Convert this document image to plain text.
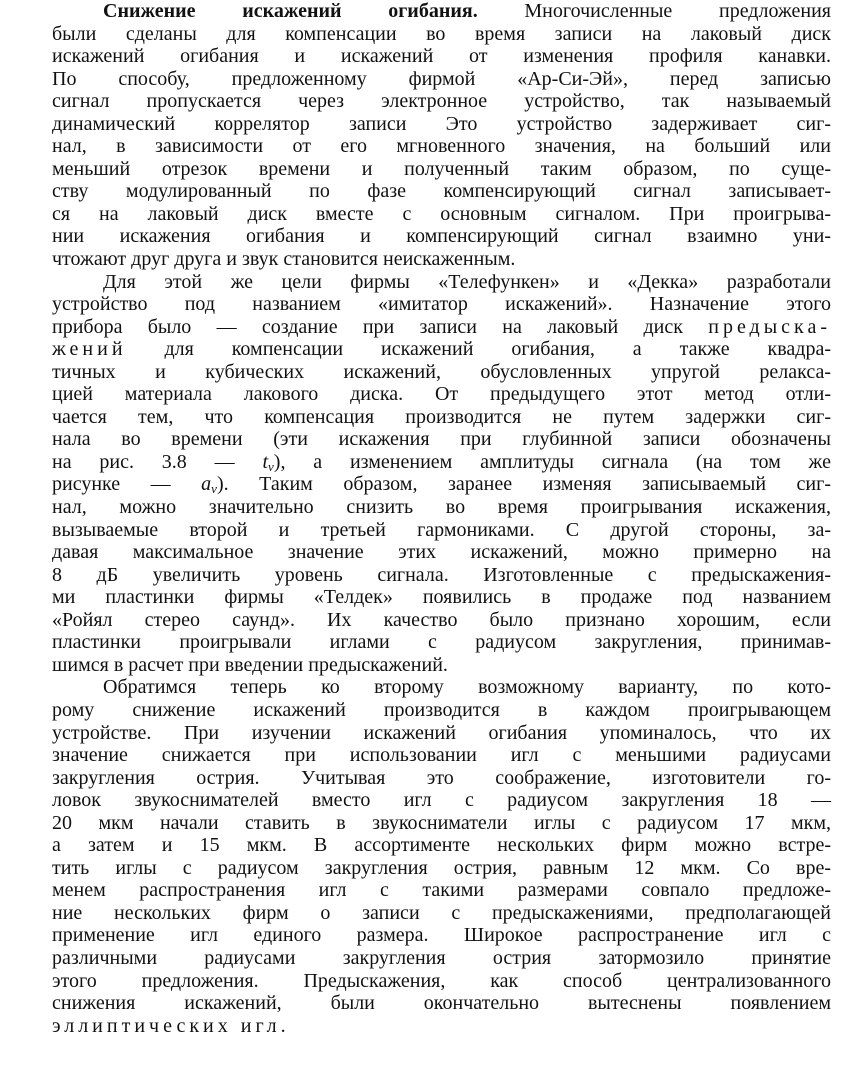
Снижение искажений огибания. Многочисленные предложения
были сделаны для компенсации во время записи на лаковый диск
искажений огибания и искажений от изменения профиля канавки.
По способу, предложенному фирмой «Ар-Си-Эй», перед записью
сигнал пропускается через электронное устройство, так называемый
динамический коррелятор записи Это устройство задерживает сиг-
нал, в зависимости от его мгновенного значения, на больший или
меньший отрезок времени и полученный таким образом, по суще-
ству модулированный по фазе компенсирующий сигнал записывает-
ся на лаковый диск вместе с основным сигналом. При проигрыва-
нии искажения огибания и компенсирующий сигнал взаимно уни-
чтожают друг друга и звук становится неискаженным.
Для этой же цели фирмы «Телефункен» и «Декка» разработали
устройство под названием «имитатор искажений». Назначение этого
прибора было — создание при записи на лаковый диск предыска-
жений для компенсации искажений огибания, а также квадра-
тичных и кубических искажений, обусловленных упругой релакса-
цией материала лакового диска. От предыдущего этот метод отли-
чается тем, что компенсация производится не путем задержки сиг-
нала во времени (эти искажения при глубинной записи обозначены
на рис. 3.8 — $t_v$), а изменением амплитуды сигнала (на том же
рисунке — $a_v$). Таким образом, заранее изменяя записываемый сиг-
нал, можно значительно снизить во время проигрывания искажения,
вызываемые второй и третьей гармониками. С другой стороны, за-
давая максимальное значение этих искажений, можно примерно на
8 дБ увеличить уровень сигнала. Изготовленные с предыскажения-
ми пластинки фирмы «Телдек» появились в продаже под названием
«Ройял стерео саунд». Их качество было признано хорошим, если
пластинки проигрывали иглами с радиусом закругления, принимав-
шимся в расчет при введении предыскажений.
Обратимся теперь ко второму возможному варианту, по кото-
рому снижение искажений производится в каждом проигрывающем
устройстве. При изучении искажений огибания упоминалось, что их
значение снижается при использовании игл с меньшими радиусами
закругления острия. Учитывая это соображение, изготовители го-
ловок звукоснимателей вместо игл с радиусом закругления 18 —
20 мкм начали ставить в звукосниматели иглы с радиусом 17 мкм,
а затем и 15 мкм. В ассортименте нескольких фирм можно встре-
тить иглы с радиусом закругления острия, равным 12 мкм. Со вре-
менем распространения игл с такими размерами совпало предложе-
ние нескольких фирм о записи с предыскажениями, предполагающей
применение игл единого размера. Широкое распространение игл с
различными радиусами закругления острия затормозило принятие
этого предложения. Предыскажения, как способ централизованного
снижения искажений, были окончательно вытеснены появлением
эллиптических игл.
